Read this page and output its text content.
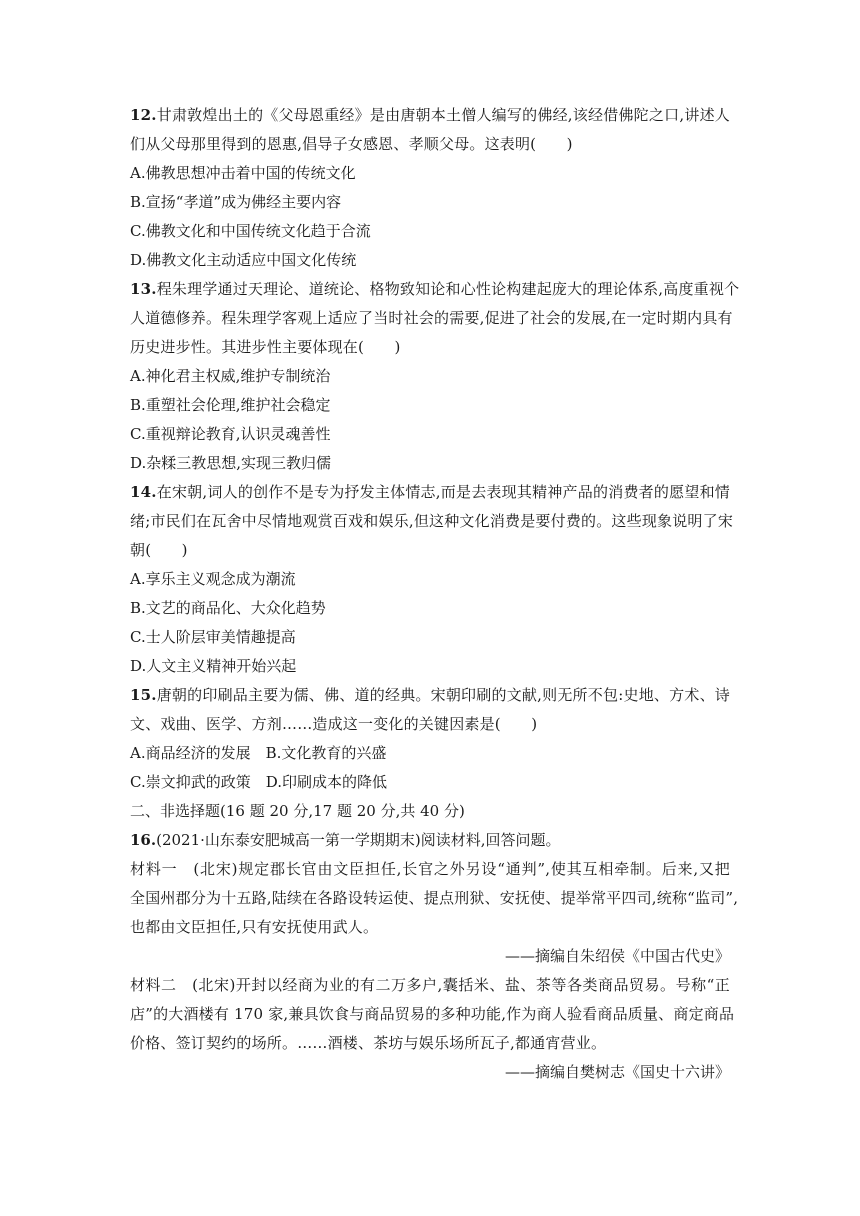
12.甘肃敦煌出土的《父母恩重经》是由唐朝本土僧人编写的佛经,该经借佛陀之口,讲述人
们从父母那里得到的恩惠,倡导子女感恩、孝顺父母。这表明(　　)
A.佛教思想冲击着中国的传统文化
B.宣扬“孝道”成为佛经主要内容
C.佛教文化和中国传统文化趋于合流
D.佛教文化主动适应中国文化传统
13.程朱理学通过天理论、道统论、格物致知论和心性论构建起庞大的理论体系,高度重视个
人道德修养。程朱理学客观上适应了当时社会的需要,促进了社会的发展,在一定时期内具有
历史进步性。其进步性主要体现在(　　)
A.神化君主权威,维护专制统治
B.重塑社会伦理,维护社会稳定
C.重视辩论教育,认识灵魂善性
D.杂糅三教思想,实现三教归儒
14.在宋朝,词人的创作不是专为抒发主体情志,而是去表现其精神产品的消费者的愿望和情
绪;市民们在瓦舍中尽情地观赏百戏和娱乐,但这种文化消费是要付费的。这些现象说明了宋
朝(　　)
A.享乐主义观念成为潮流
B.文艺的商品化、大众化趋势
C.士人阶层审美情趣提高
D.人文主义精神开始兴起
15.唐朝的印刷品主要为儒、佛、道的经典。宋朝印刷的文献,则无所不包:史地、方术、诗
文、戏曲、医学、方剂……造成这一变化的关键因素是(　　)
A.商品经济的发展　B.文化教育的兴盛
C.崇文抑武的政策　D.印刷成本的降低
二、非选择题(16 题 20 分,17 题 20 分,共 40 分)
16.(2021·山东泰安肥城高一第一学期期末)阅读材料,回答问题。
材料一　(北宋)规定郡长官由文臣担任,长官之外另设“通判”,使其互相牵制。后来,又把
全国州郡分为十五路,陆续在各路设转运使、提点刑狱、安抚使、提举常平四司,统称“监司”,
也都由文臣担任,只有安抚使用武人。
——摘编自朱绍侯《中国古代史》
材料二　(北宋)开封以经商为业的有二万多户,囊括米、盐、茶等各类商品贸易。号称“正
店”的大酒楼有 170 家,兼具饮食与商品贸易的多种功能,作为商人验看商品质量、商定商品
价格、签订契约的场所。……酒楼、茶坊与娱乐场所瓦子,都通宵营业。
——摘编自樊树志《国史十六讲》
